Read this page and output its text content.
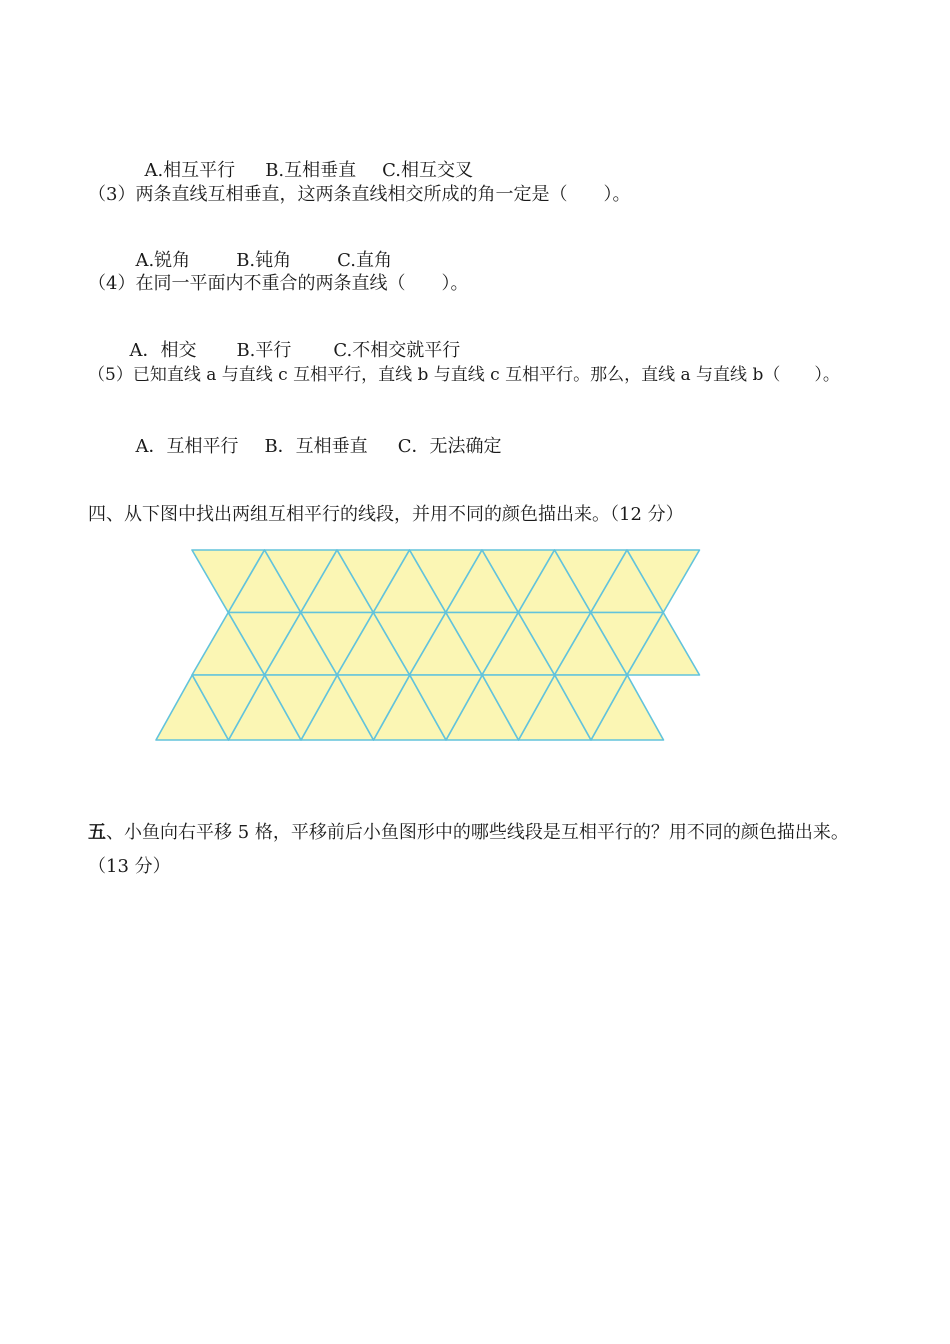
A.相互平行 B.互相垂直 C.相互交叉

（3）两条直线互相垂直，这两条直线相交所成的角一定是（　　）。

A.锐角	B.钝角	C.直角

（4）在同一平面内不重合的两条直线（　　）。

A．相交 B.平行 C.不相交就平行

（5）已知直线 a 与直线 c 互相平行，直线 b 与直线 c 互相平行。那么，直线 a 与直线 b（　　）。

A．互相平行 B．互相垂直 C．无法确定

四、从下图中找出两组互相平行的线段，并用不同的颜色描出来。（12 分）
五、小鱼向右平移 5 格，平移前后小鱼图形中的哪些线段是互相平行的？用不同的颜色描出来。
（13 分）
